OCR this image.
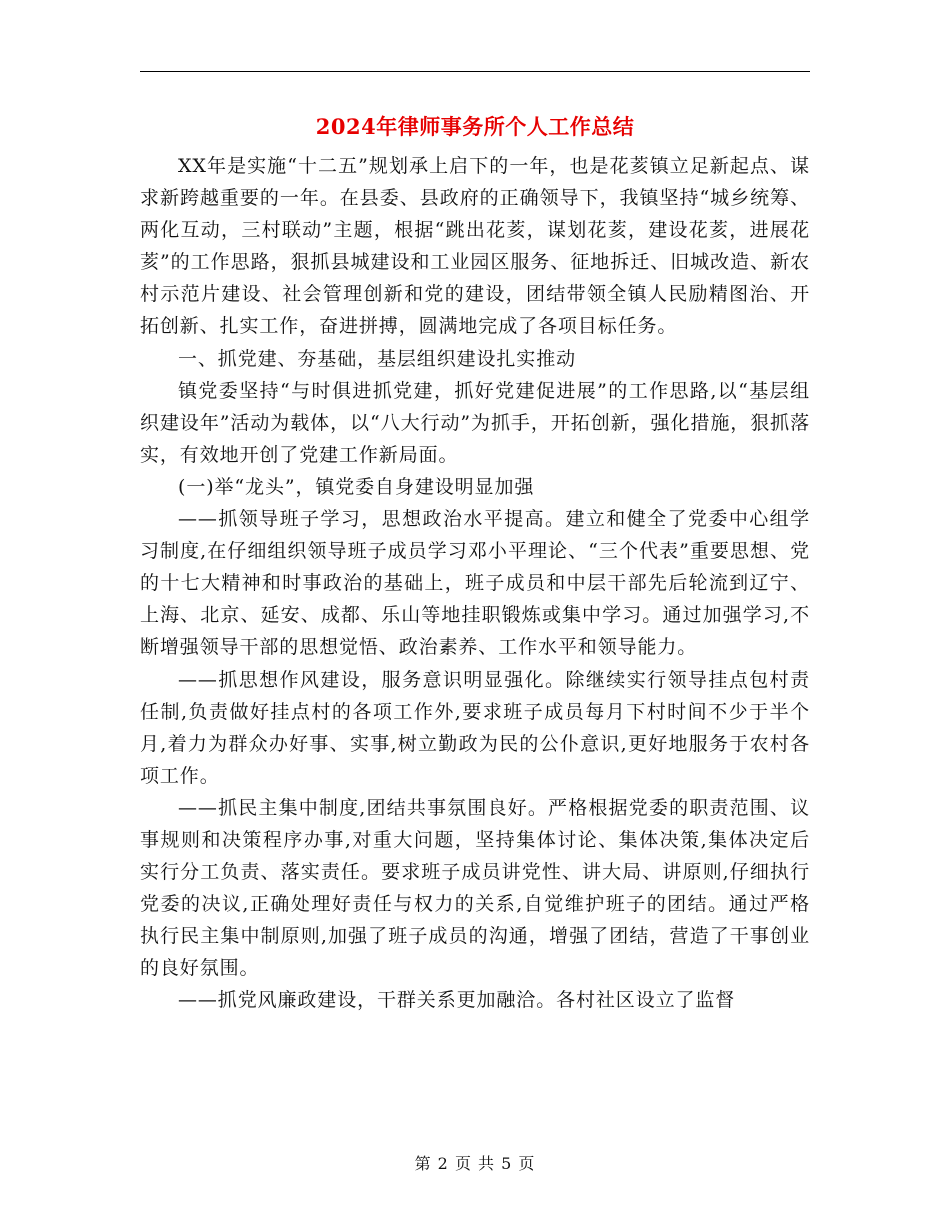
2024年律师事务所个人工作总结

XX年是实施“十二五”规划承上启下的一年，也是花荄镇立足新起点、谋求新跨越重要的一年。在县委、县政府的正确领导下，我镇坚持“城乡统筹、两化互动，三村联动”主题，根据“跳出花荄，谋划花荄，建设花荄，进展花荄”的工作思路，狠抓县城建设和工业园区服务、征地拆迁、旧城改造、新农村示范片建设、社会管理创新和党的建设，团结带领全镇人民励精图治、开拓创新、扎实工作，奋进拼搏，圆满地完成了各项目标任务。

一、抓党建、夯基础，基层组织建设扎实推动

镇党委坚持“与时俱进抓党建，抓好党建促进展”的工作思路,以“基层组织建设年”活动为载体，以“八大行动”为抓手，开拓创新，强化措施，狠抓落实，有效地开创了党建工作新局面。

(一)举“龙头”，镇党委自身建设明显加强

——抓领导班子学习，思想政治水平提高。建立和健全了党委中心组学习制度,在仔细组织领导班子成员学习邓小平理论、“三个代表”重要思想、党的十七大精神和时事政治的基础上，班子成员和中层干部先后轮流到辽宁、上海、北京、延安、成都、乐山等地挂职锻炼或集中学习。通过加强学习,不断增强领导干部的思想觉悟、政治素养、工作水平和领导能力。

——抓思想作风建设，服务意识明显强化。除继续实行领导挂点包村责任制,负责做好挂点村的各项工作外,要求班子成员每月下村时间不少于半个月,着力为群众办好事、实事,树立勤政为民的公仆意识,更好地服务于农村各项工作。

——抓民主集中制度,团结共事氛围良好。严格根据党委的职责范围、议事规则和决策程序办事,对重大问题，坚持集体讨论、集体决策,集体决定后实行分工负责、落实责任。要求班子成员讲党性、讲大局、讲原则,仔细执行党委的决议,正确处理好责任与权力的关系,自觉维护班子的团结。通过严格执行民主集中制原则,加强了班子成员的沟通，增强了团结，营造了干事创业的良好氛围。

——抓党风廉政建设，干群关系更加融洽。各村社区设立了监督

第 2 页 共 5 页
